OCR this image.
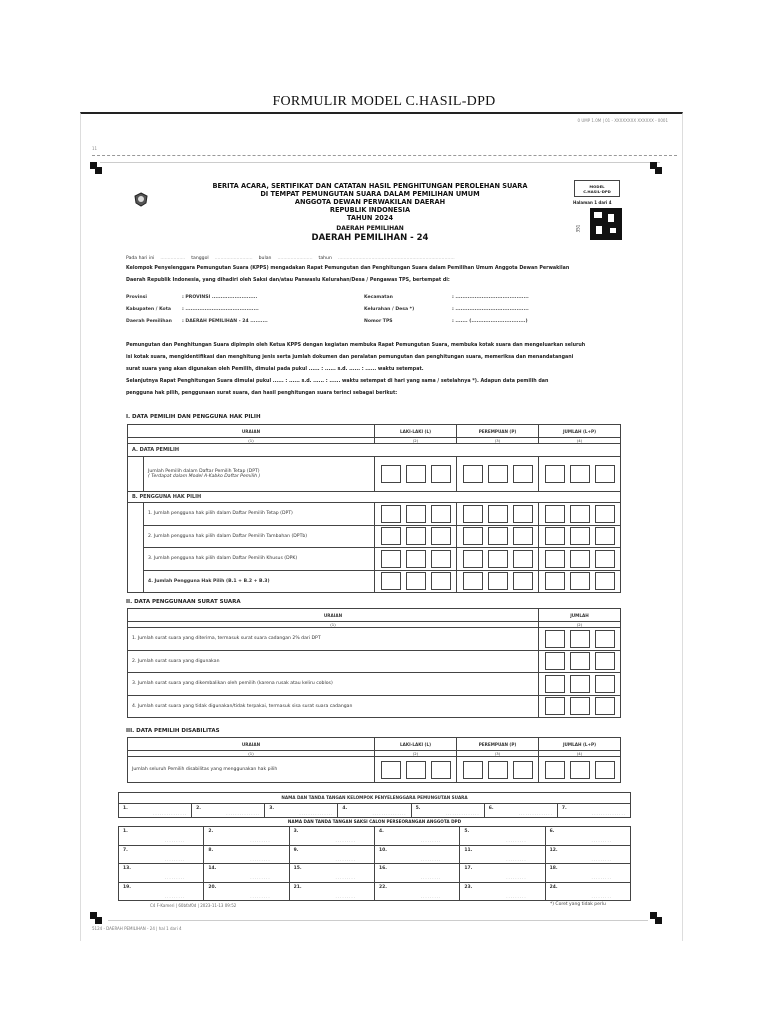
FORMULIR MODEL C.HASIL-DPD
0 UMP 1.0M | 01 - XXXXXXXX XXXXXX - 0001
11
BERITA ACARA, SERTIFIKAT DAN CATATAN HASIL PENGHITUNGAN PEROLEHAN SUARA
DI TEMPAT PEMUNGUTAN SUARA DALAM PEMILIHAN UMUM
ANGGOTA DEWAN PERWAKILAN DAERAH
REPUBLIK INDONESIA
TAHUN 2024
DAERAH PEMILIHAN
DAERAH PEMILIHAN - 24
MODEL
C.HASIL-DPD
Halaman 1 dari 4
351
Pada hari ini ................. tanggol .......................... bulan ........................ tahun ................................................................................
Kelompok Penyelenggara Pemungutan Suara (KPPS) mengadakan Rapat Pemungutan dan Penghitungan Suara dalam Pemilihan Umum Anggota Dewan Perwakilan
Daerah Republik Indonesia, yang dihadiri oleh Saksi dan/atau Panwaslu Kelurahan/Desa / Pengawas TPS, bertempat di:
Provinsi	: PROVINSI ..........................	Kecamatan	: ..........................................
Kabupaten / Kota	: ..........................................	Kelurahan / Desa *)	: ..........................................
Daerah Pemilihan	: DAERAH PEMILIHAN - 24 ..........	Nomor TPS	: ....... (...............................)
Pemungutan dan Penghitungan Suara dipimpin oleh Ketua KPPS dengan kegiatan membuka Rapat Pemungutan Suara, membuka kotak suara dan mengeluarkan seluruh
isi kotak suara, mengidentifikasi dan menghitung jenis serta jumlah dokumen dan peralatan pemungutan dan penghitungan suara, memeriksa dan menandatangani
surat suara yang akan digunakan oleh Pemilih, dimulai pada pukul ...... : ...... s.d. ...... : ...... waktu setempat.
Selanjutnya Rapat Penghitungan Suara dimulai pukul ...... : ...... s.d. ...... : ...... waktu setempat di hari yang sama / setelahnya *). Adapun data pemilih dan
pengguna hak pilih, penggunaan surat suara, dan hasil penghitungan suara terinci sebagai berikut:
I. DATA PEMILIH DAN PENGGUNA HAK PILIH
URAIAN		LAKI-LAKI (L)	PEREMPUAN (P)	JUMLAH (L+P)
(1)		(2)	(3)	(4)
A. DATA PEMILIH				

	Jumlah Pemilih dalam Daftar Pemilih Tetap (DPT)
( Terdapat dalam Model A-Kabko Daftar Pemilih )			

B. PENGGUNA HAK PILIH				
	1. Jumlah pengguna hak pilih dalam Daftar Pemilih Tetap (DPT)	

	2. Jumlah pengguna hak pilih dalam Daftar Pemilih Tambahan (DPTb)	

	3. Jumlah pengguna hak pilih dalam Daftar Pemilih Khusus (DPK)	

	4. Jumlah Pengguna Hak Pilih (B.1 + B.2 + B.3)	

II. DATA PENGGUNAAN SURAT SUARA
URAIAN	JUMLAH
(1)	(2)
1. Jumlah surat suara yang diterima, termasuk surat suara cadangan 2% dari DPT	

2. Jumlah surat suara yang digunakan	

3. Jumlah surat suara yang dikembalikan oleh pemilih (karena rusak atau keliru coblos)	

4. Jumlah surat suara yang tidak digunakan/tidak terpakai, termasuk sisa surat suara cadangan	
III. DATA PEMILIH DISABILITAS
URAIAN	LAKI-LAKI (L)	PEREMPUAN (P)	JUMLAH (L+P)
(1)	(2)	(3)	(4)
Jumlah seluruh Pemilih disabilitas yang menggunakan hak pilih	

NAMA DAN TANDA TANGAN KELOMPOK PENYELENGGARA PEMUNGUTAN SUARA
1.
...............
	2.
...............
	3.
...............
	4.
...............
	5.
...............
	6.
...............
	7.
...............
NAMA DAN TANDA TANGAN SAKSI CALON PERSEORANGAN ANGGOTA DPD
1.
.........	2.
.........	3.
.........	4.
.........	5.
.........	6.
.........

7.
.........	8.
.........	9.
.........	10.
.........	11.
.........	12.
.........

13.
.........	14.
.........	15.
.........	16.
.........	17.
.........	18.
.........

19.
.........	20.
.........	21.
.........	22.
.........	23.
.........	24.
.........
C4 F-Kameri | 60bfaf0d | 2023-11-13 09:52	*) Coret yang tidak perlu
5124 - DAERAH PEMILIHAN - 24 | hal 1 dari 4
